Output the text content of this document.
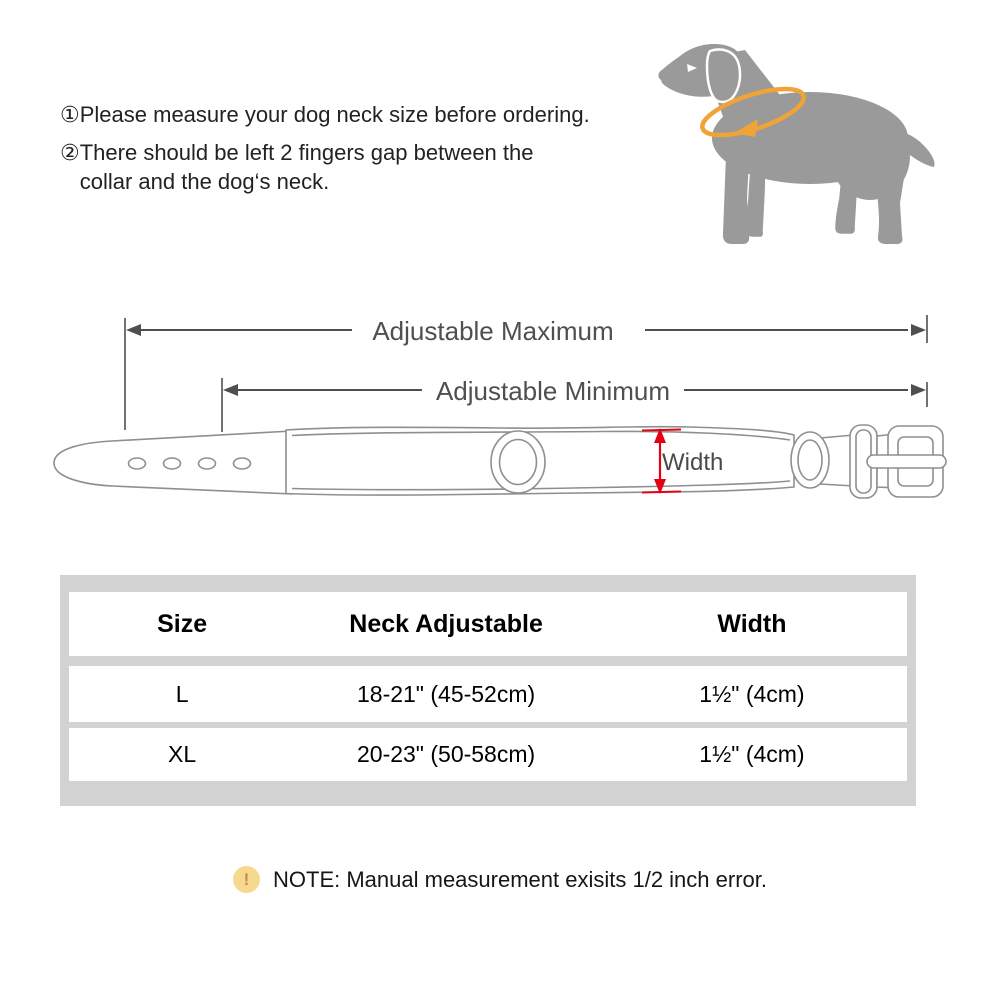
① Please measure your dog neck size before ordering.
② There should be left 2 fingers gap between the collar and the dog‘s neck.
Adjustable Maximum
Adjustable Minimum
Width
Size	Neck Adjustable	Width
L	18-21" (45-52cm)	1½" (4cm)
XL	20-23" (50-58cm)	1½" (4cm)
!	NOTE: Manual measurement exisits 1/2 inch error.
